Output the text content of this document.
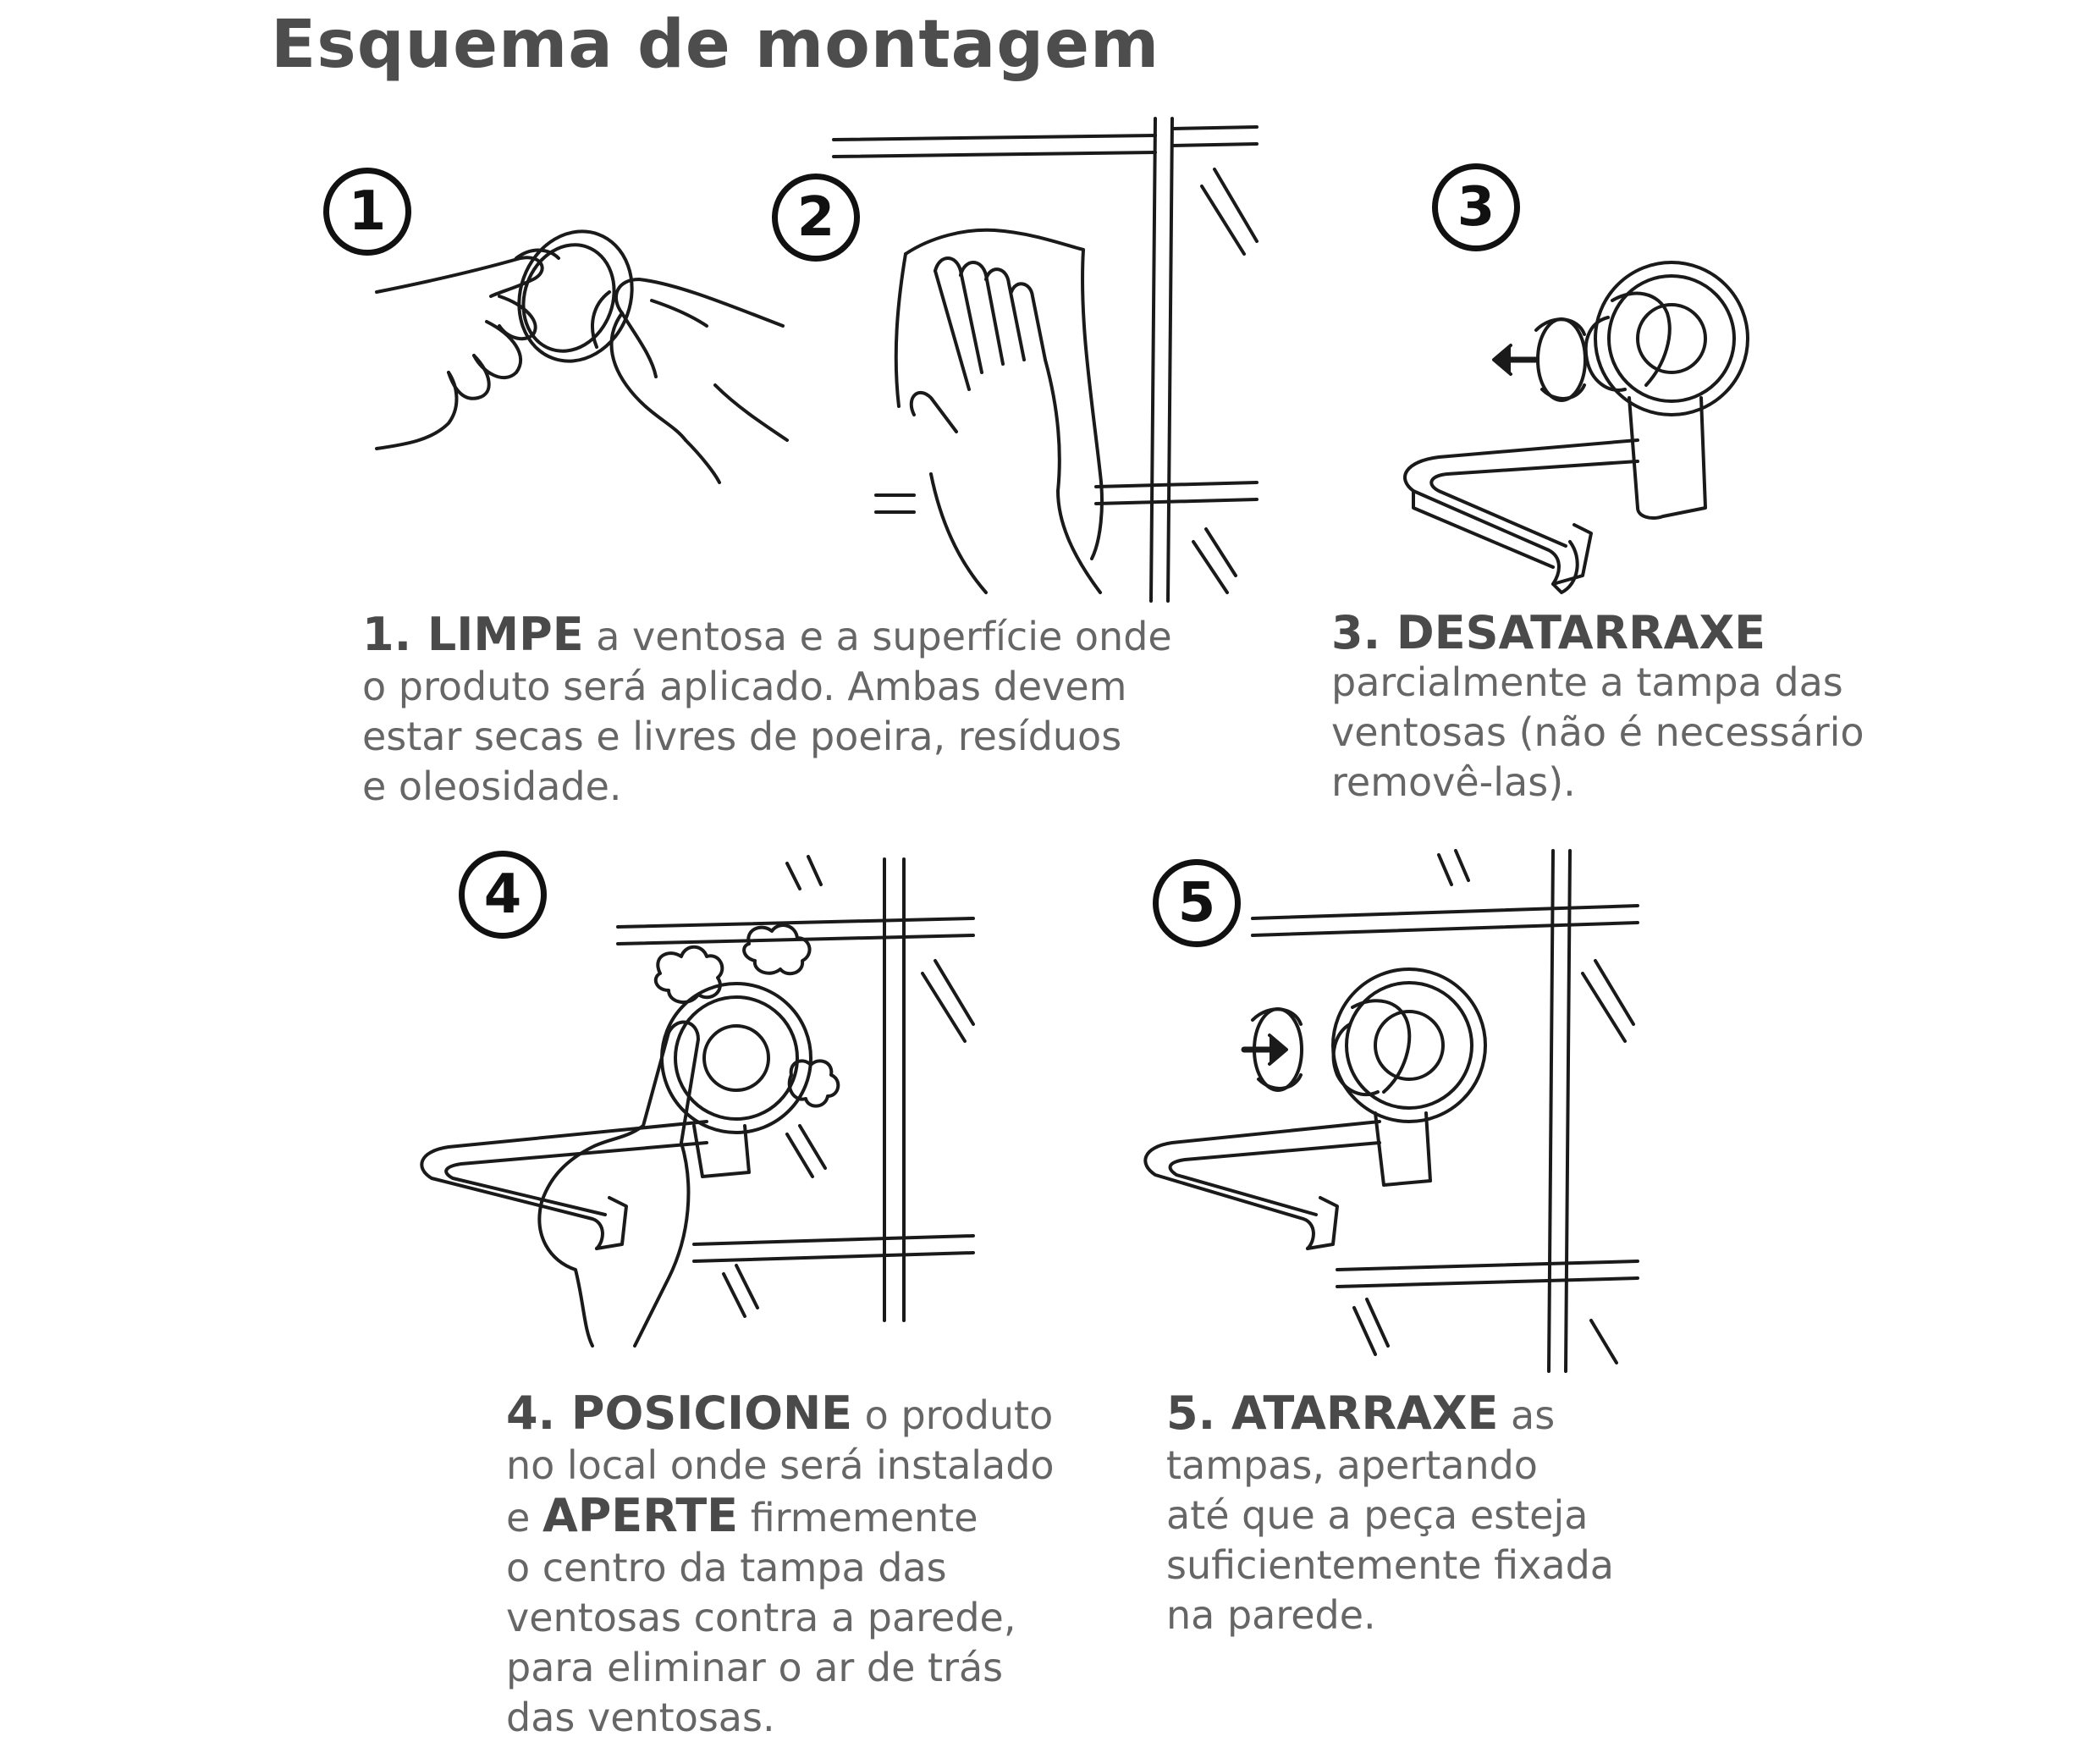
Esquema de montagem
1	2	3
4	5
1. LIMPE a ventosa e a superfície onde
o produto será aplicado. Ambas devem
estar secas e livres de poeira, resíduos
e oleosidade.
3. DESATARRAXE
parcialmente a tampa das
ventosas (não é necessário
removê-las).
4. POSICIONE o produto
no local onde será instalado
e APERTE firmemente
o centro da tampa das
ventosas contra a parede,
para eliminar o ar de trás
das ventosas.
5. ATARRAXE as
tampas, apertando
até que a peça esteja
suficientemente fixada
na parede.
